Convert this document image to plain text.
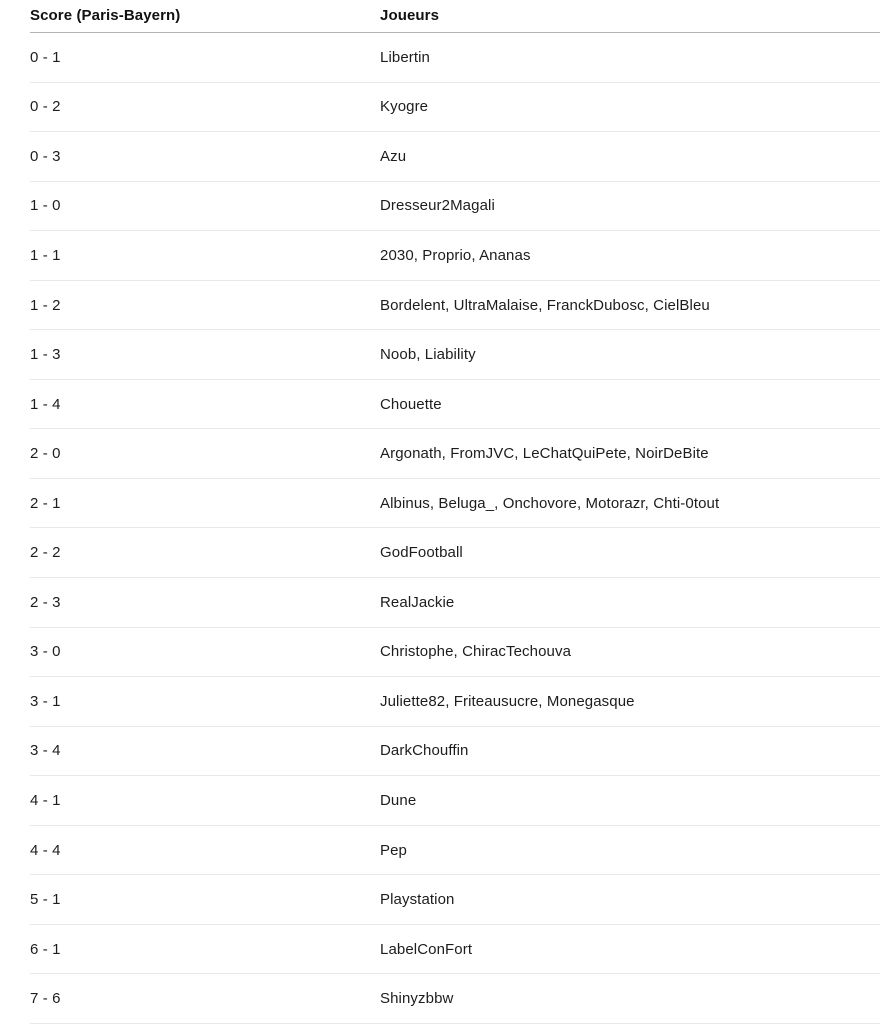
Score (Paris-Bayern)	Joueurs
0 - 1	Libertin
0 - 2	Kyogre
0 - 3	Azu
1 - 0	Dresseur2Magali
1 - 1	2030, Proprio, Ananas
1 - 2	Bordelent, UltraMalaise, FranckDubosc, CielBleu
1 - 3	Noob, Liability
1 - 4	Chouette
2 - 0	Argonath, FromJVC, LeChatQuiPete, NoirDeBite
2 - 1	Albinus, Beluga_, Onchovore, Motorazr, Chti-0tout
2 - 2	GodFootball
2 - 3	RealJackie
3 - 0	Christophe, ChiracTechouva
3 - 1	Juliette82, Friteausucre, Monegasque
3 - 4	DarkChouffin
4 - 1	Dune
4 - 4	Pep
5 - 1	Playstation
6 - 1	LabelConFort
7 - 6	Shinyzbbw
